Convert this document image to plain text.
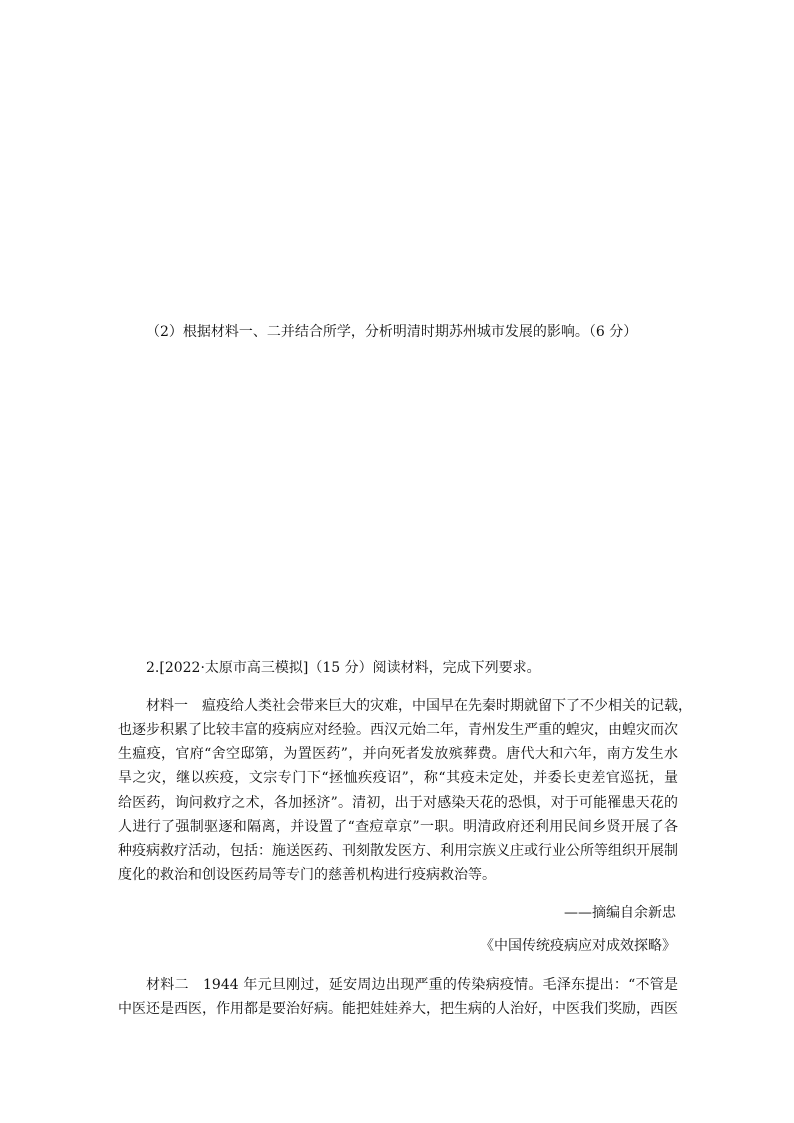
（2）根据材料一、二并结合所学，分析明清时期苏州城市发展的影响。（6 分）
2.[2022·太原市高三模拟]（15 分）阅读材料，完成下列要求。
材料一　瘟疫给人类社会带来巨大的灾难，中国早在先秦时期就留下了不少相关的记载，
也逐步积累了比较丰富的疫病应对经验。西汉元始二年，青州发生严重的蝗灾，由蝗灾而次
生瘟疫，官府“舍空邸第，为置医药”，并向死者发放殡葬费。唐代大和六年，南方发生水
旱之灾，继以疾疫，文宗专门下“拯恤疾疫诏”，称“其疫未定处，并委长吏差官巡抚，量
给医药，询问救疗之术，各加拯济”。清初，出于对感染天花的恐惧，对于可能罹患天花的
人进行了强制驱逐和隔离，并设置了“查痘章京”一职。明清政府还利用民间乡贤开展了各
种疫病救疗活动，包括：施送医药、刊刻散发医方、利用宗族义庄或行业公所等组织开展制
度化的救治和创设医药局等专门的慈善机构进行疫病救治等。
——摘编自余新忠
《中国传统疫病应对成效探略》
材料二　1944 年元旦刚过，延安周边出现严重的传染病疫情。毛泽东提出：“不管是
中医还是西医，作用都是要治好病。能把娃娃养大，把生病的人治好，中医我们奖励，西医
